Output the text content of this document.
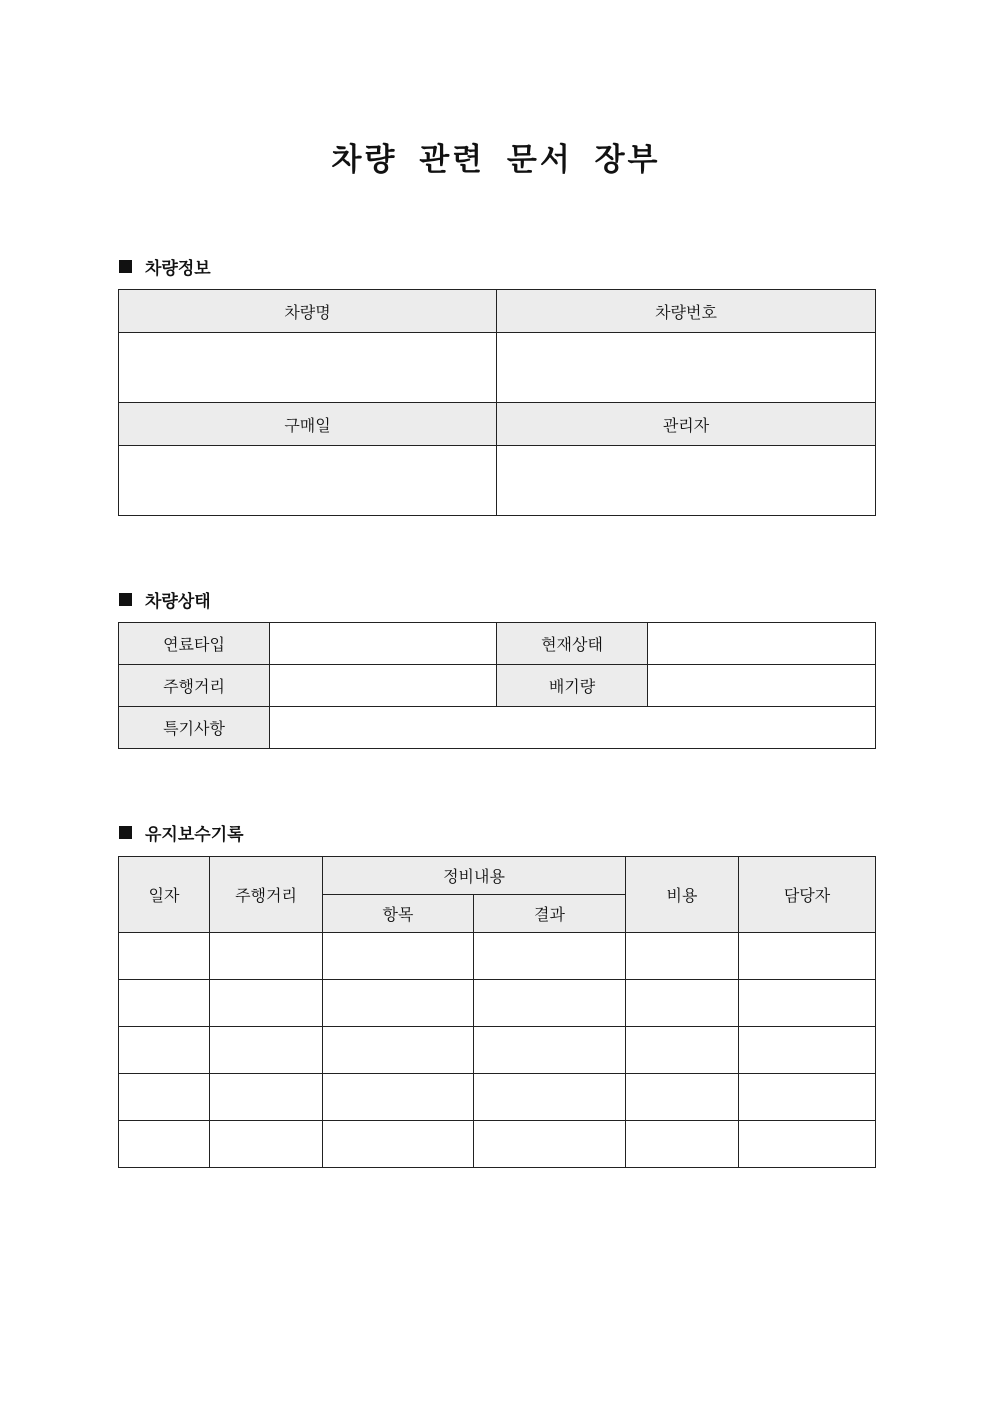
차량 관련 문서 장부
차량정보
차량명	차량번호

구매일	관리자

차량상태
연료타입		현재상태	
주행거리		배기량	
특기사항			
유지보수기록
일자	주행거리	정비내용		비용	담당자
		항목	결과		
